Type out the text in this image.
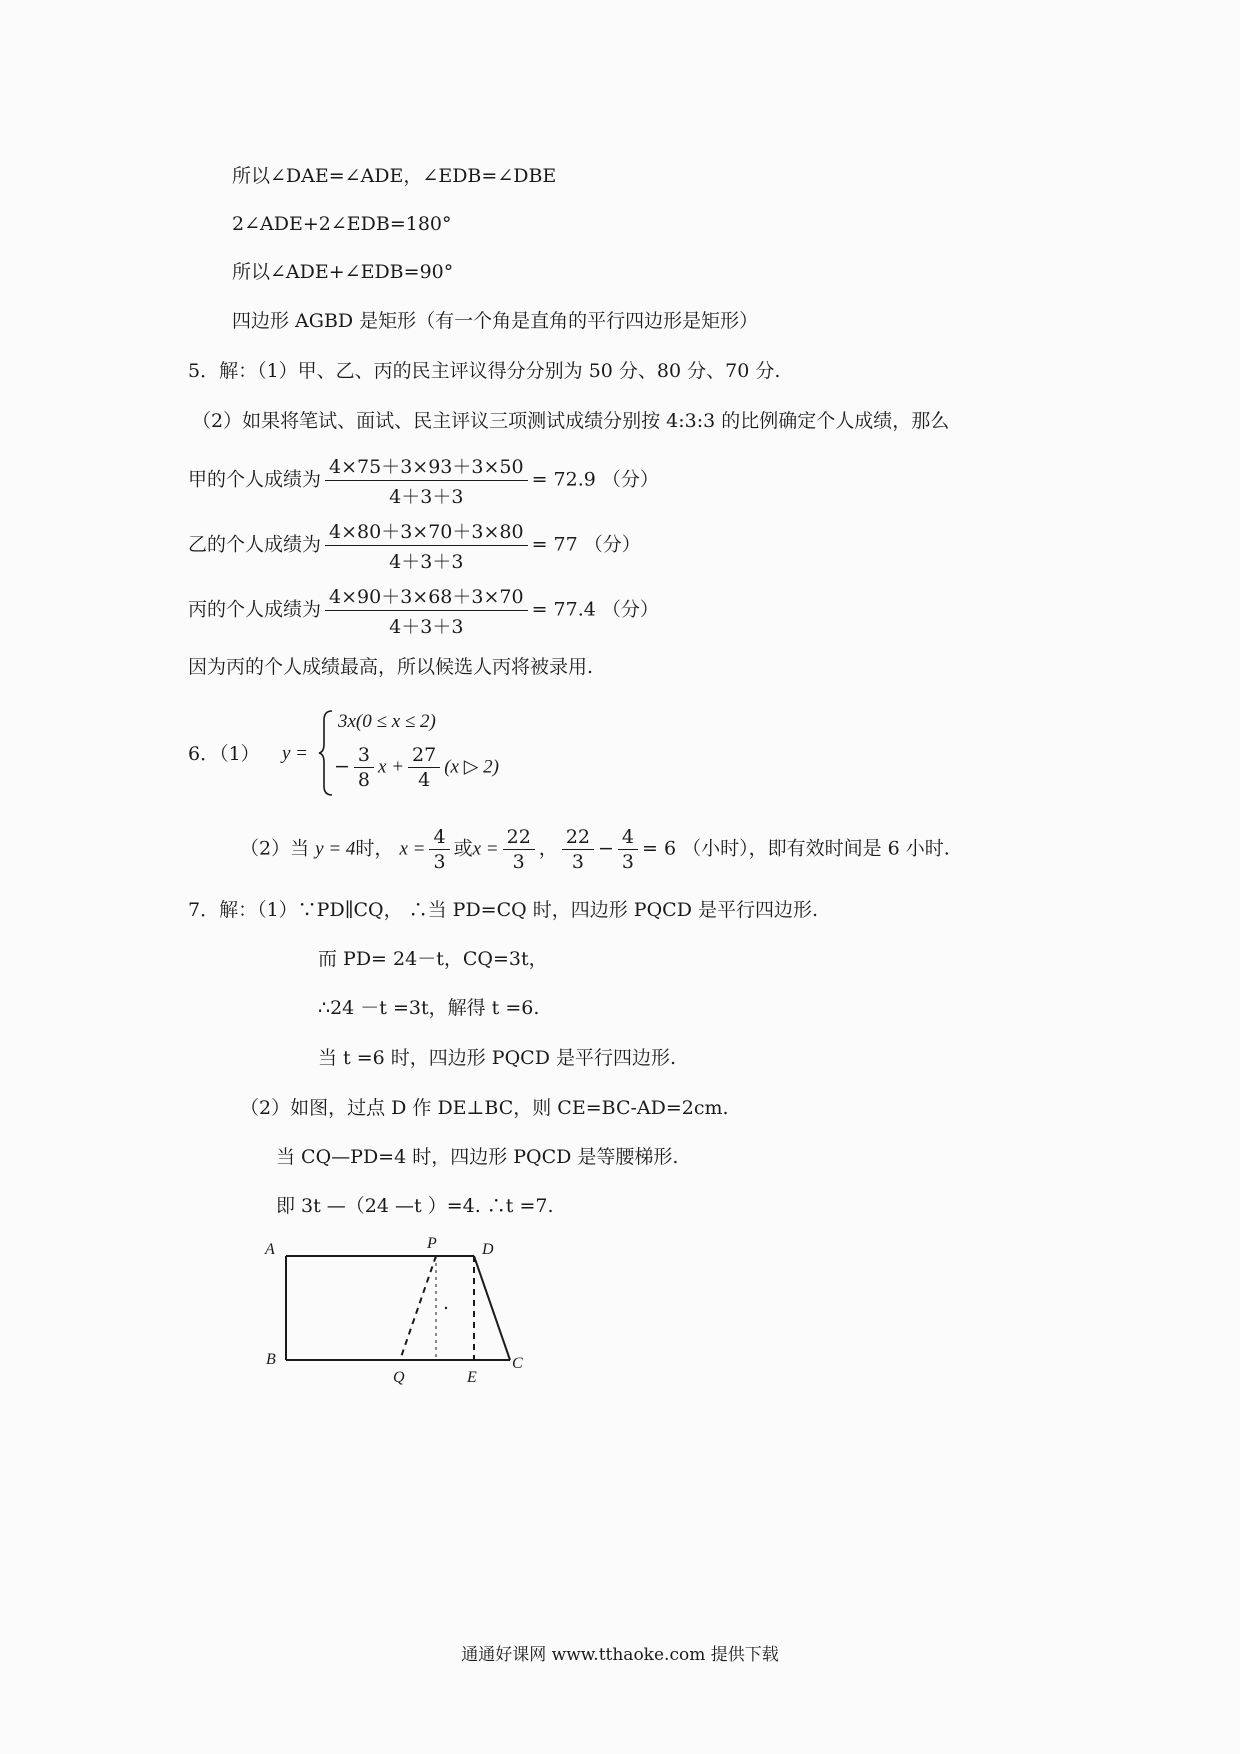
所以∠DAE=∠ADE，∠EDB=∠DBE
2∠ADE+2∠EDB=180°
所以∠ADE+∠EDB=90°
四边形 AGBD 是矩形（有一个角是直角的平行四边形是矩形）
5．解：（1）甲、乙、丙的民主评议得分分别为 50 分、80 分、70 分.
（2）如果将笔试、面试、民主评议三项测试成绩分别按 4:3:3 的比例确定个人成绩，那么
甲的个人成绩为 $\frac{4\times 75+3\times 93+3\times 50}{4+3+3} = 72.9$ （分）
乙的个人成绩为 $\frac{4\times 80+3\times 70+3\times 80}{4+3+3} = 77$ （分）
丙的个人成绩为 $\frac{4\times 90+3\times 68+3\times 70}{4+3+3} = 77.4$ （分）
因为丙的个人成绩最高，所以候选人丙将被录用.
6．（1） y =
3x(0 ≤ x ≤ 2)
− $\frac{3}{8}$ $x + \frac{27}{4} (x$ ▷ 2)
（2）当 y = 4时， $x = \frac{4}{3}$ 或$x = \frac{22}{3}$ ， $\frac{22}{3} - \frac{4}{3} = 6$ （小时），即有效时间是 6 小时.
7．解：（1）∵PD∥CQ， ∴当 PD=CQ 时，四边形 PQCD 是平行四边形.
而 PD= 24－t，CQ=3t，
∴24 －t =3t，解得 t =6.
当 t =6 时，四边形 PQCD 是平行四边形.
（2）如图，过点 D 作 DE⊥BC，则 CE=BC-AD=2cm.
当 CQ—PD=4 时，四边形 PQCD 是等腰梯形.
即 3t —（24 —t ）=4. ∴t =7.
A	P	D
B
Q	E
C
通通好课网 www.tthaoke.com 提供下载
